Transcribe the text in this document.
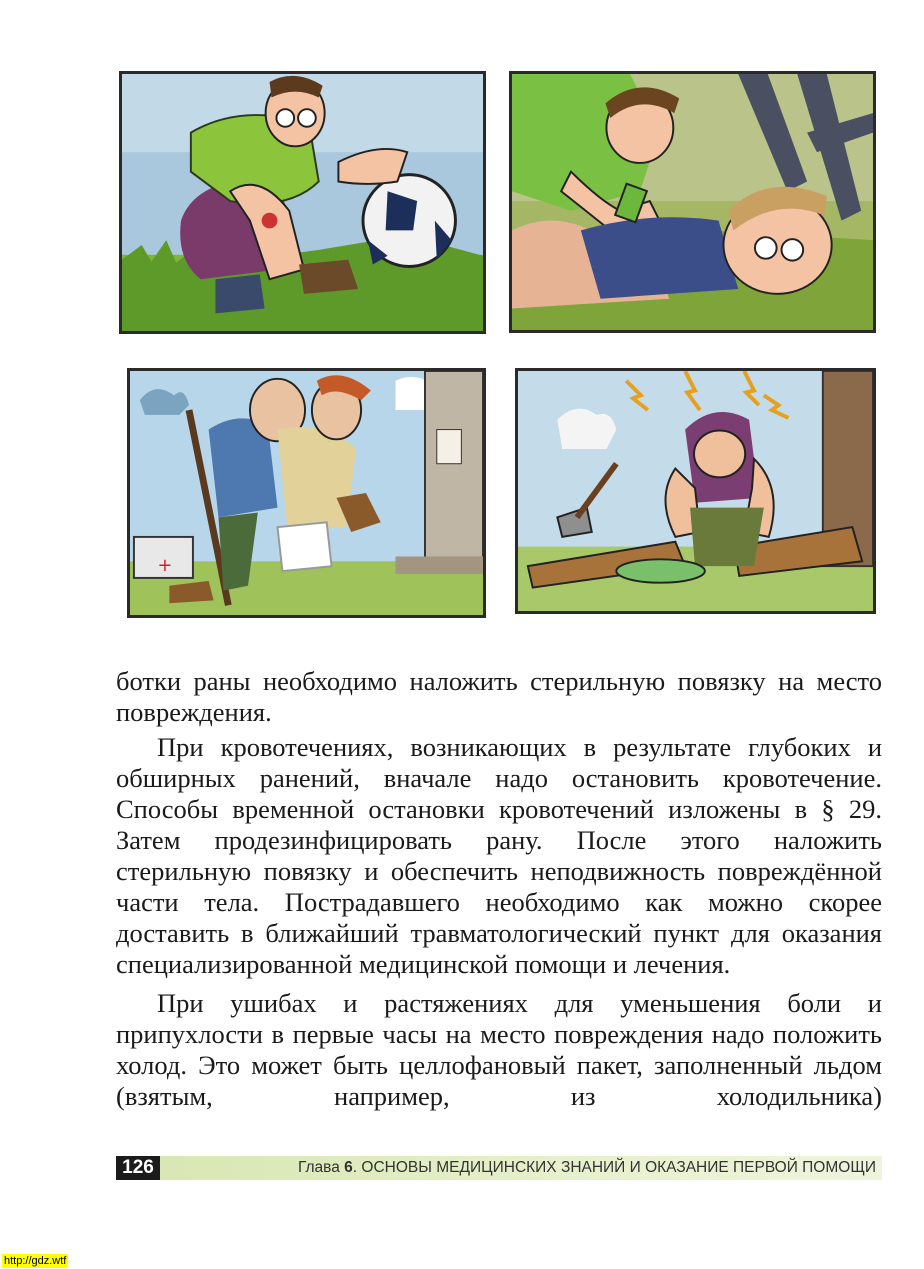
+

ботки раны необходимо наложить стерильную повязку на место повреждения.

При кровотечениях, возникающих в результате глубоких и обширных ранений, вначале надо остановить кровотечение. Способы временной остановки кровотечений изложены в § 29. Затем продезинфицировать рану. После этого наложить стерильную повязку и обеспечить неподвижность повреждённой части тела. Пострадавшего необходимо как можно скорее доставить в ближайший травматологический пункт для оказания специализированной медицинской помощи и лечения.

При ушибах и растяжениях для уменьшения боли и припухлости в первые часы на место повреждения надо положить холод. Это может быть целлофановый пакет, заполненный льдом (взятым, например, из холодильника)

126	Глава 6. ОСНОВЫ МЕДИЦИНСКИХ ЗНАНИЙ И ОКАЗАНИЕ ПЕРВОЙ ПОМОЩИ
http://gdz.wtf
